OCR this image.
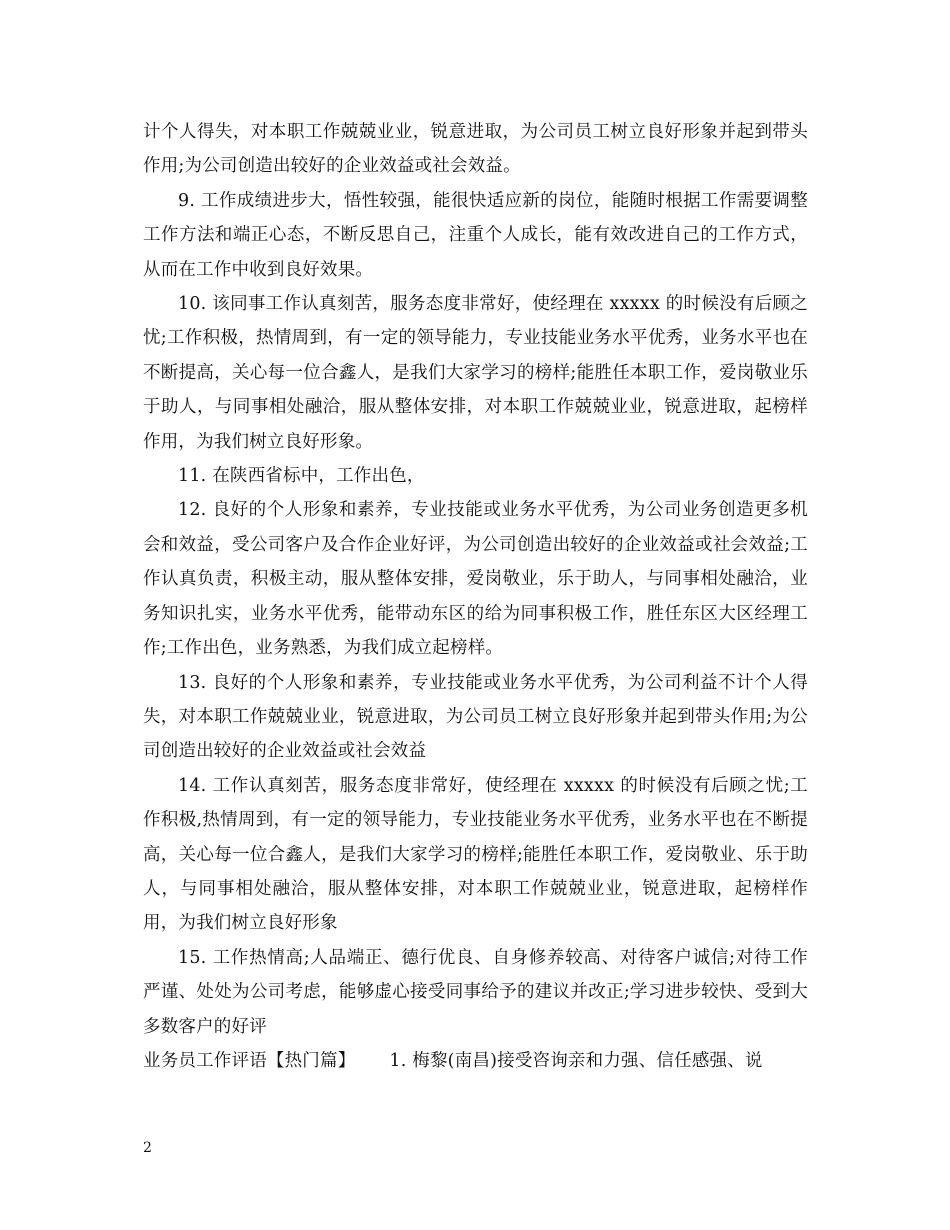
计个人得失，对本职工作兢兢业业，锐意进取，为公司员工树立良好形象并起到带头作用;为公司创造出较好的企业效益或社会效益。

9. 工作成绩进步大，悟性较强，能很快适应新的岗位，能随时根据工作需要调整工作方法和端正心态，不断反思自己，注重个人成长，能有效改进自己的工作方式，从而在工作中收到良好效果。

10. 该同事工作认真刻苦，服务态度非常好，使经理在 xxxxx 的时候没有后顾之忧;工作积极，热情周到，有一定的领导能力，专业技能业务水平优秀，业务水平也在不断提高，关心每一位合鑫人，是我们大家学习的榜样;能胜任本职工作，爱岗敬业乐于助人，与同事相处融洽，服从整体安排，对本职工作兢兢业业，锐意进取，起榜样作用，为我们树立良好形象。

11. 在陕西省标中，工作出色，

12. 良好的个人形象和素养，专业技能或业务水平优秀，为公司业务创造更多机会和效益，受公司客户及合作企业好评，为公司创造出较好的企业效益或社会效益;工作认真负责，积极主动，服从整体安排，爱岗敬业，乐于助人，与同事相处融洽，业务知识扎实，业务水平优秀，能带动东区的给为同事积极工作，胜任东区大区经理工作;工作出色，业务熟悉，为我们成立起榜样。

13. 良好的个人形象和素养，专业技能或业务水平优秀，为公司利益不计个人得失，对本职工作兢兢业业，锐意进取，为公司员工树立良好形象并起到带头作用;为公司创造出较好的企业效益或社会效益

14. 工作认真刻苦，服务态度非常好，使经理在 xxxxx 的时候没有后顾之忧;工作积极,热情周到，有一定的领导能力，专业技能业务水平优秀，业务水平也在不断提高，关心每一位合鑫人，是我们大家学习的榜样;能胜任本职工作，爱岗敬业、乐于助人，与同事相处融洽，服从整体安排，对本职工作兢兢业业，锐意进取，起榜样作用，为我们树立良好形象

15. 工作热情高;人品端正、德行优良、自身修养较高、对待客户诚信;对待工作严谨、处处为公司考虑，能够虚心接受同事给予的建议并改正;学习进步较快、受到大多数客户的好评

业务员工作评语【热门篇】 1. 梅黎(南昌)接受咨询亲和力强、信任感强、说

2
